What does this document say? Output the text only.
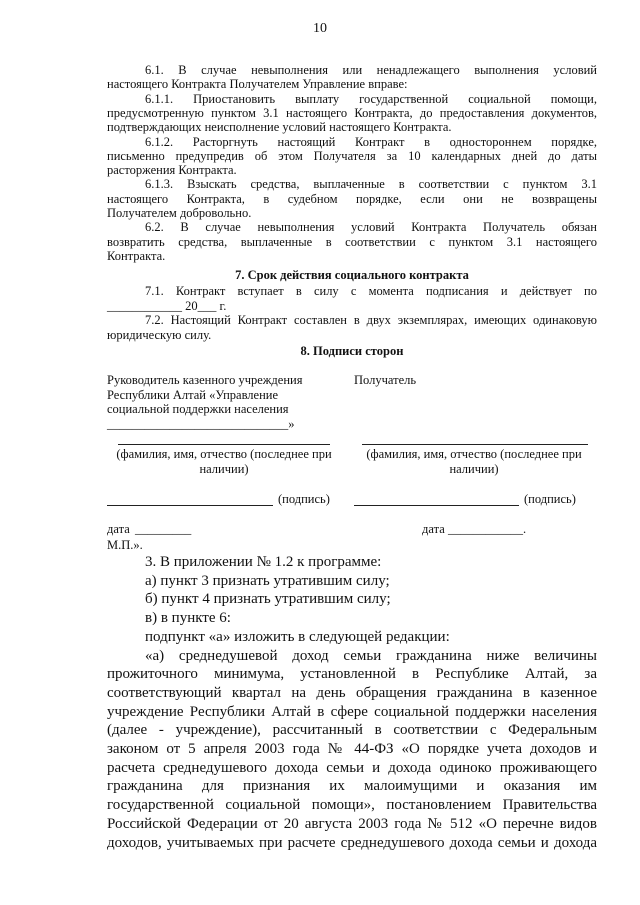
10
6.1. В случае невыполнения или ненадлежащего выполнения условий
настоящего Контракта Получателем Управление вправе:
6.1.1. Приостановить выплату государственной социальной помощи,
предусмотренную пунктом 3.1 настоящего Контракта, до предоставления документов,
подтверждающих неисполнение условий настоящего Контракта.
6.1.2. Расторгнуть настоящий Контракт в одностороннем порядке,
письменно предупредив об этом Получателя за 10 календарных дней до даты
расторжения Контракта.
6.1.3. Взыскать средства, выплаченные в соответствии с пунктом 3.1
настоящего Контракта, в судебном порядке, если они не возвращены
Получателем добровольно.
6.2. В случае невыполнения условий Контракта Получатель обязан
возвратить средства, выплаченные в соответствии с пунктом 3.1 настоящего
Контракта.
7. Срок действия социального контракта
7.1. Контракт вступает в силу с момента подписания и действует по
____________ 20___ г.
7.2. Настоящий Контракт составлен в двух экземплярах, имеющих одинаковую
юридическую силу.
8. Подписи сторон
Руководитель казенного учреждения
Республики Алтай «Управление
социальной поддержки населения
_____________________________»
Получатель
(фамилия, имя, отчество (последнее при
наличии)
(фамилия, имя, отчество (последнее при
наличии)
(подпись)	(подпись)
дата _________	дата ____________.
М.П.».
3. В приложении № 1.2 к программе:
а) пункт 3 признать утратившим силу;
б) пункт 4 признать утратившим силу;
в) в пункте 6:
подпункт «а» изложить в следующей редакции:
«а) среднедушевой доход семьи гражданина ниже величины
прожиточного минимума, установленной в Республике Алтай, за
соответствующий квартал на день обращения гражданина в казенное
учреждение Республики Алтай в сфере социальной поддержки населения
(далее - учреждение), рассчитанный в соответствии с Федеральным
законом от 5 апреля 2003 года № 44-ФЗ «О порядке учета доходов и
расчета среднедушевого дохода семьи и дохода одиноко проживающего
гражданина для признания их малоимущими и оказания им
государственной социальной помощи», постановлением Правительства
Российской Федерации от 20 августа 2003 года № 512 «О перечне видов
доходов, учитываемых при расчете среднедушевого дохода семьи и дохода
